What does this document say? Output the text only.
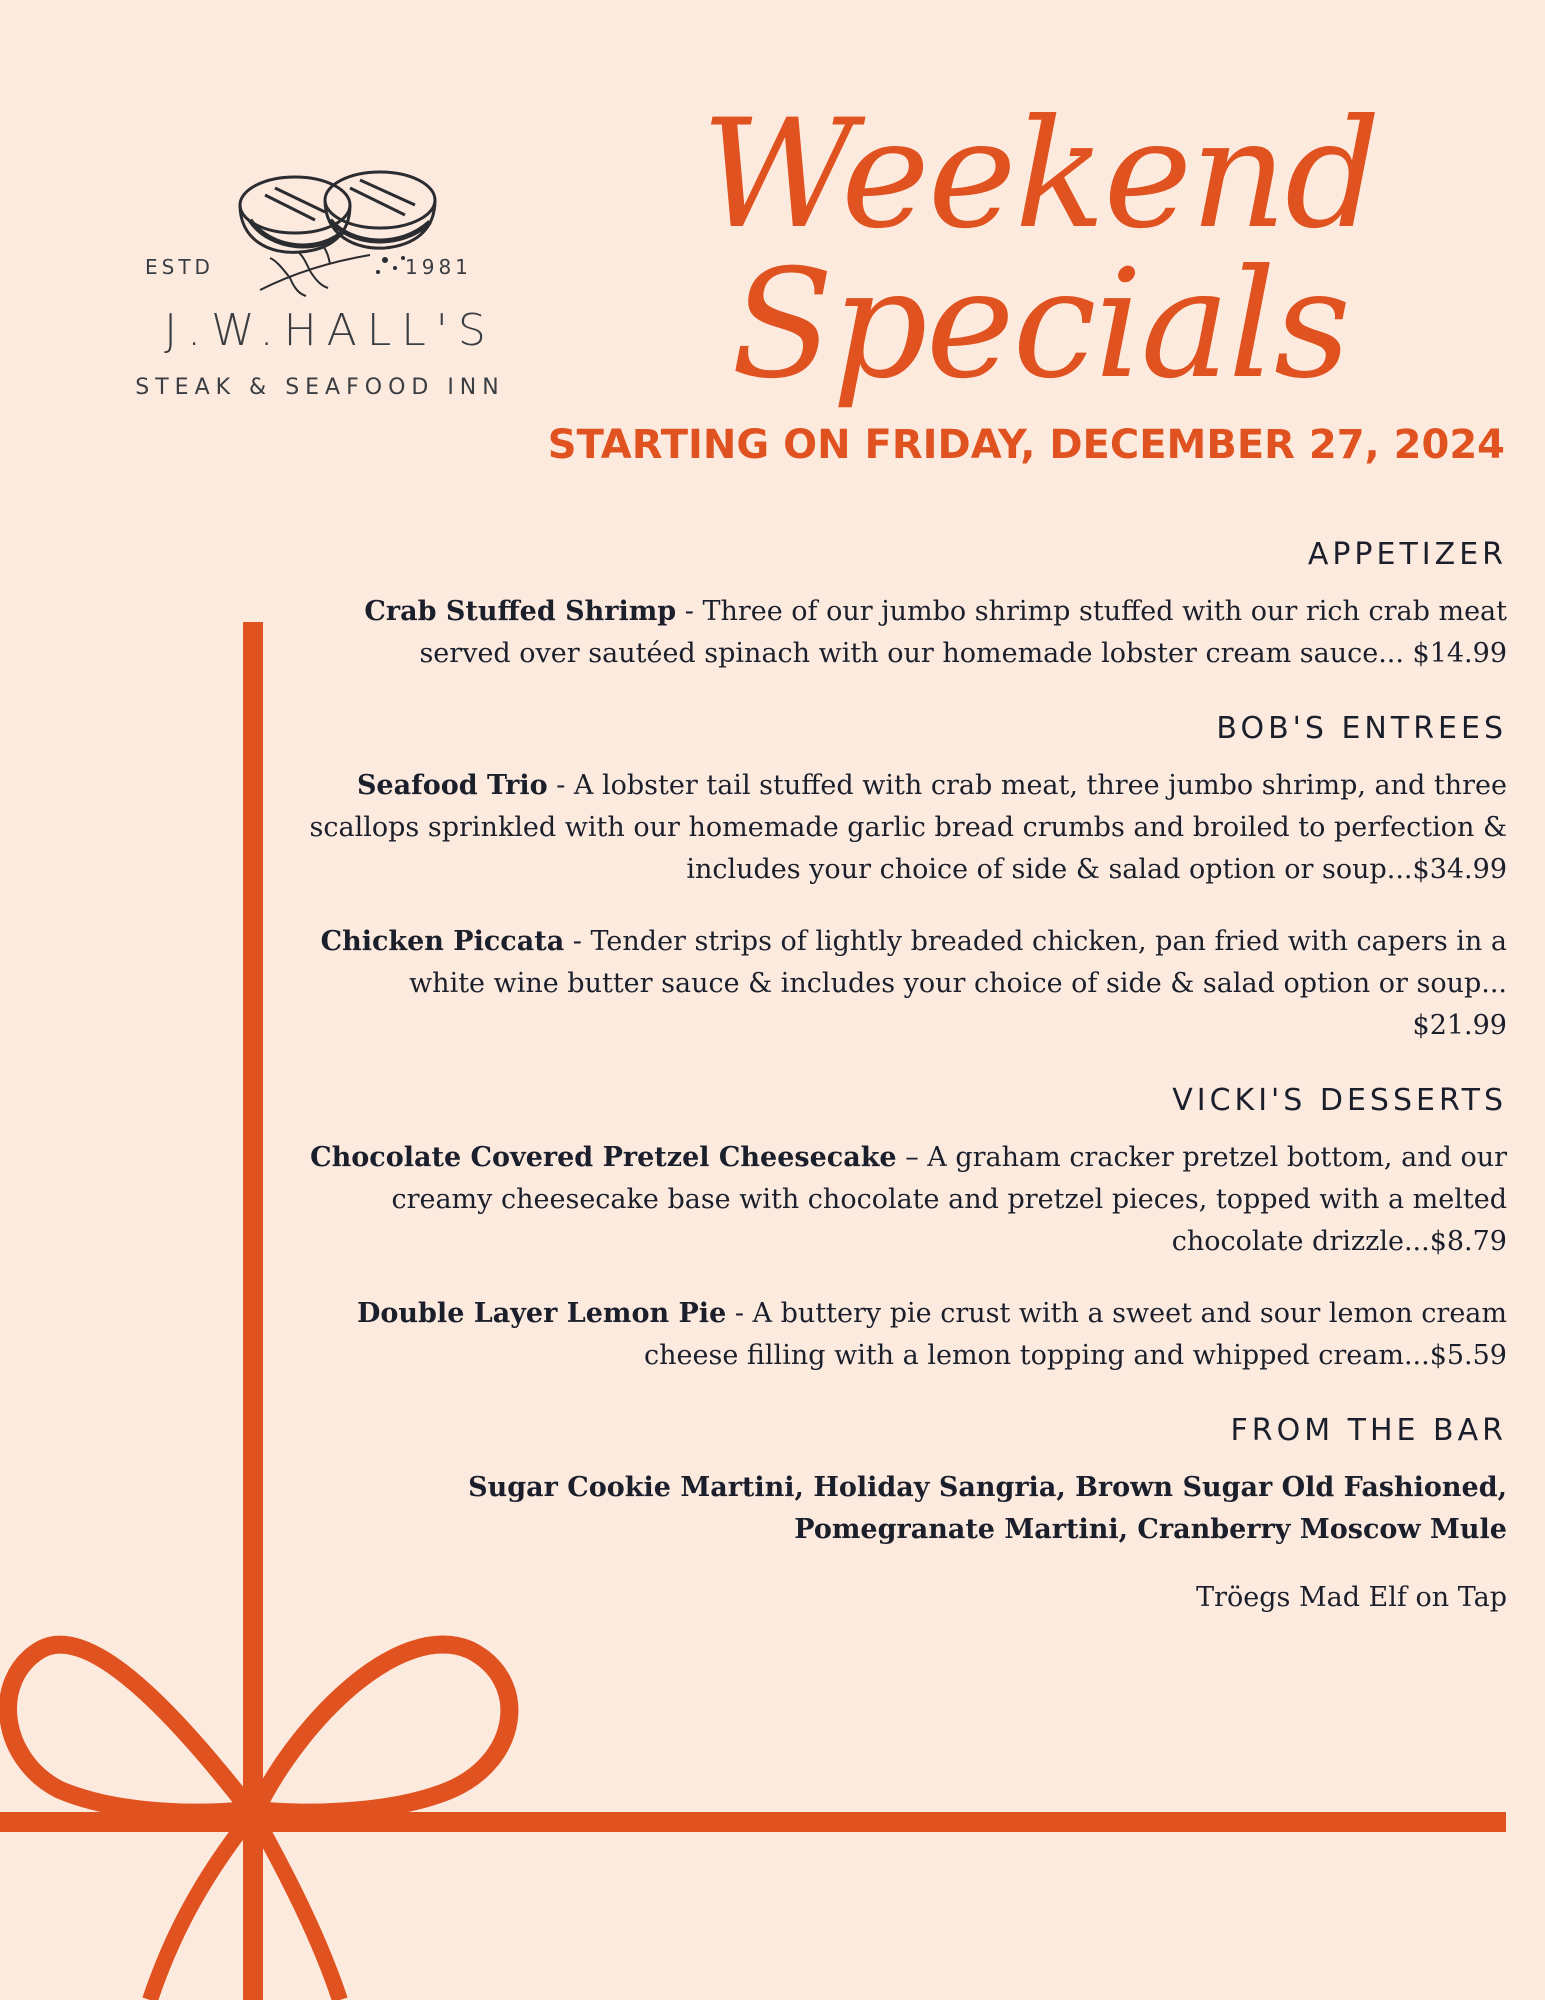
ESTD	1981
J.W.HALL'S
STEAK & SEAFOOD INN
Weekend Specials
STARTING ON FRIDAY, DECEMBER 27, 2024
APPETIZER
Crab Stuffed Shrimp - Three of our jumbo shrimp stuffed with our rich crab meat served over sautéed spinach with our homemade lobster cream sauce... $14.99
BOB'S ENTREES
Seafood Trio - A lobster tail stuffed with crab meat, three jumbo shrimp, and three scallops sprinkled with our homemade garlic bread crumbs and broiled to perfection & includes your choice of side & salad option or soup...$34.99
Chicken Piccata - Tender strips of lightly breaded chicken, pan fried with capers in a white wine butter sauce & includes your choice of side & salad option or soup... $21.99
VICKI'S DESSERTS
Chocolate Covered Pretzel Cheesecake – A graham cracker pretzel bottom, and our creamy cheesecake base with chocolate and pretzel pieces, topped with a melted chocolate drizzle...$8.79
Double Layer Lemon Pie - A buttery pie crust with a sweet and sour lemon cream cheese filling with a lemon topping and whipped cream...$5.59
FROM THE BAR
Sugar Cookie Martini, Holiday Sangria, Brown Sugar Old Fashioned, Pomegranate Martini, Cranberry Moscow Mule
Tröegs Mad Elf on Tap
